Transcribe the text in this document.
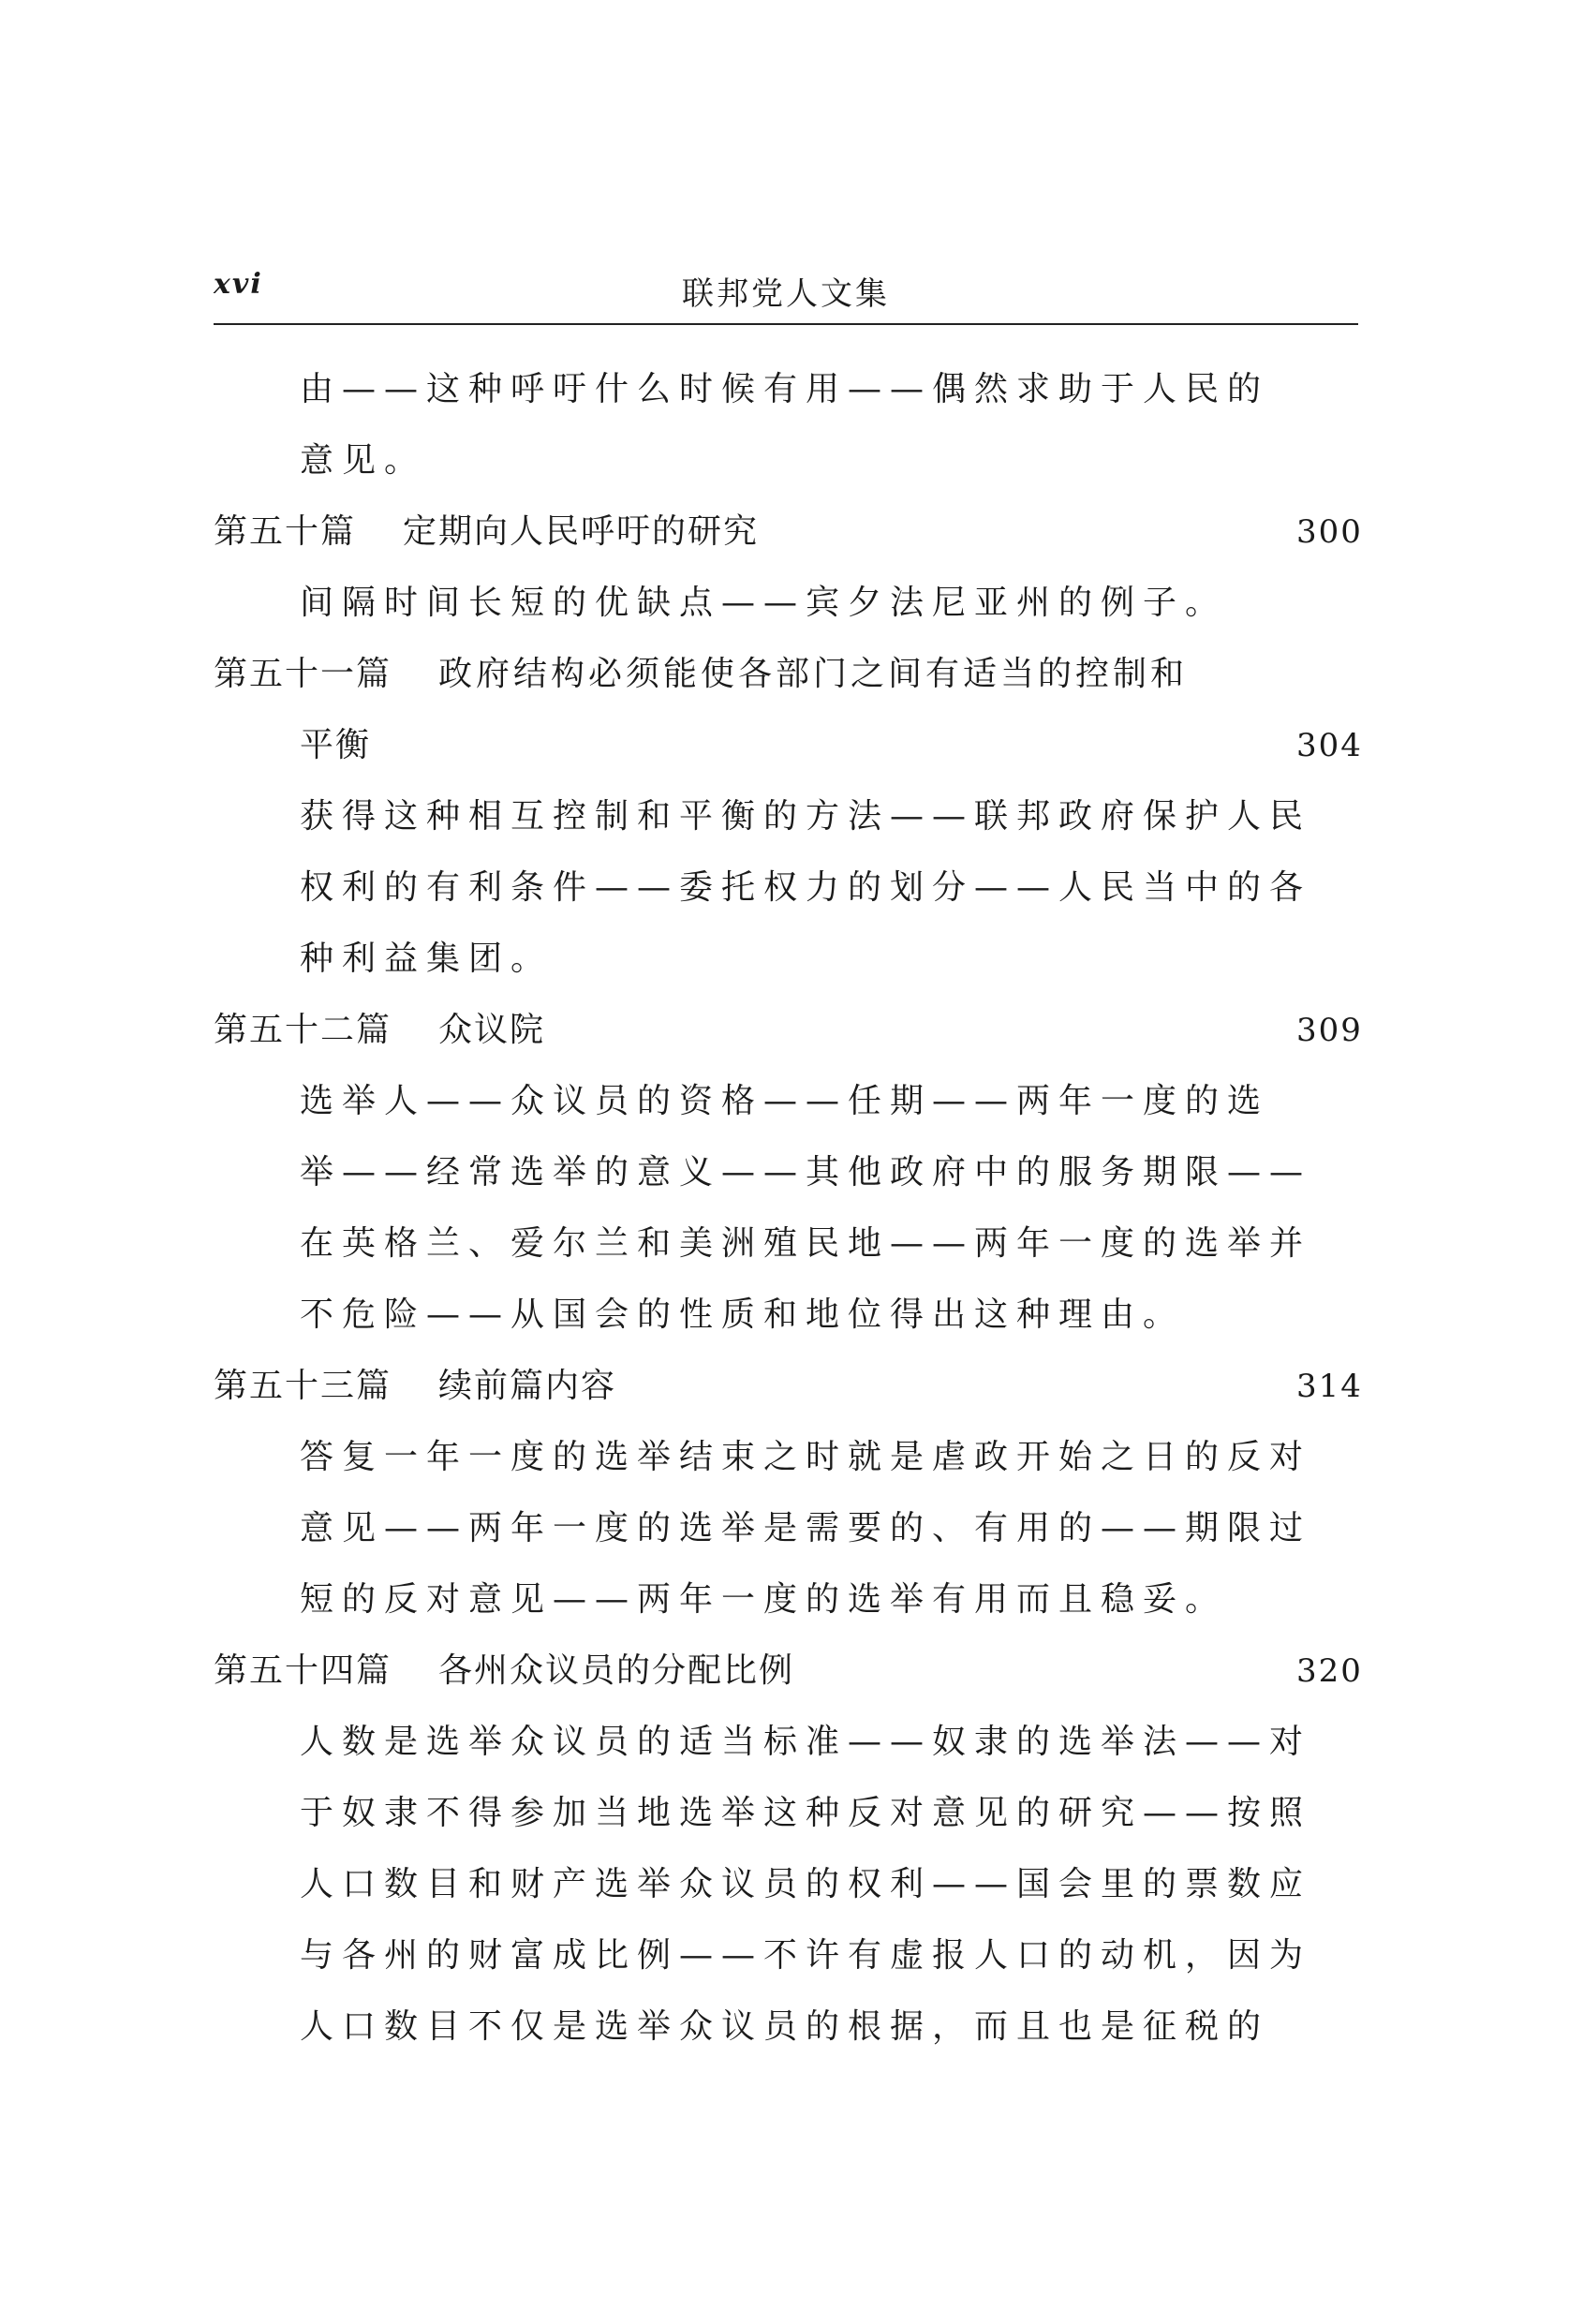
xvi	联邦党人文集
由——这种呼吁什么时候有用——偶然求助于人民的
意见。
第五十篇 定期向人民呼吁的研究	300
间隔时间长短的优缺点——宾夕法尼亚州的例子。
第五十一篇 政府结构必须能使各部门之间有适当的控制和
平衡	304
获得这种相互控制和平衡的方法——联邦政府保护人民
权利的有利条件——委托权力的划分——人民当中的各
种利益集团。
第五十二篇 众议院	309
选举人——众议员的资格——任期——两年一度的选
举——经常选举的意义——其他政府中的服务期限——
在英格兰、爱尔兰和美洲殖民地——两年一度的选举并
不危险——从国会的性质和地位得出这种理由。
第五十三篇 续前篇内容	314
答复一年一度的选举结束之时就是虐政开始之日的反对
意见——两年一度的选举是需要的、有用的——期限过
短的反对意见——两年一度的选举有用而且稳妥。
第五十四篇 各州众议员的分配比例	320
人数是选举众议员的适当标准——奴隶的选举法——对
于奴隶不得参加当地选举这种反对意见的研究——按照
人口数目和财产选举众议员的权利——国会里的票数应
与各州的财富成比例——不许有虚报人口的动机，因为
人口数目不仅是选举众议员的根据，而且也是征税的
